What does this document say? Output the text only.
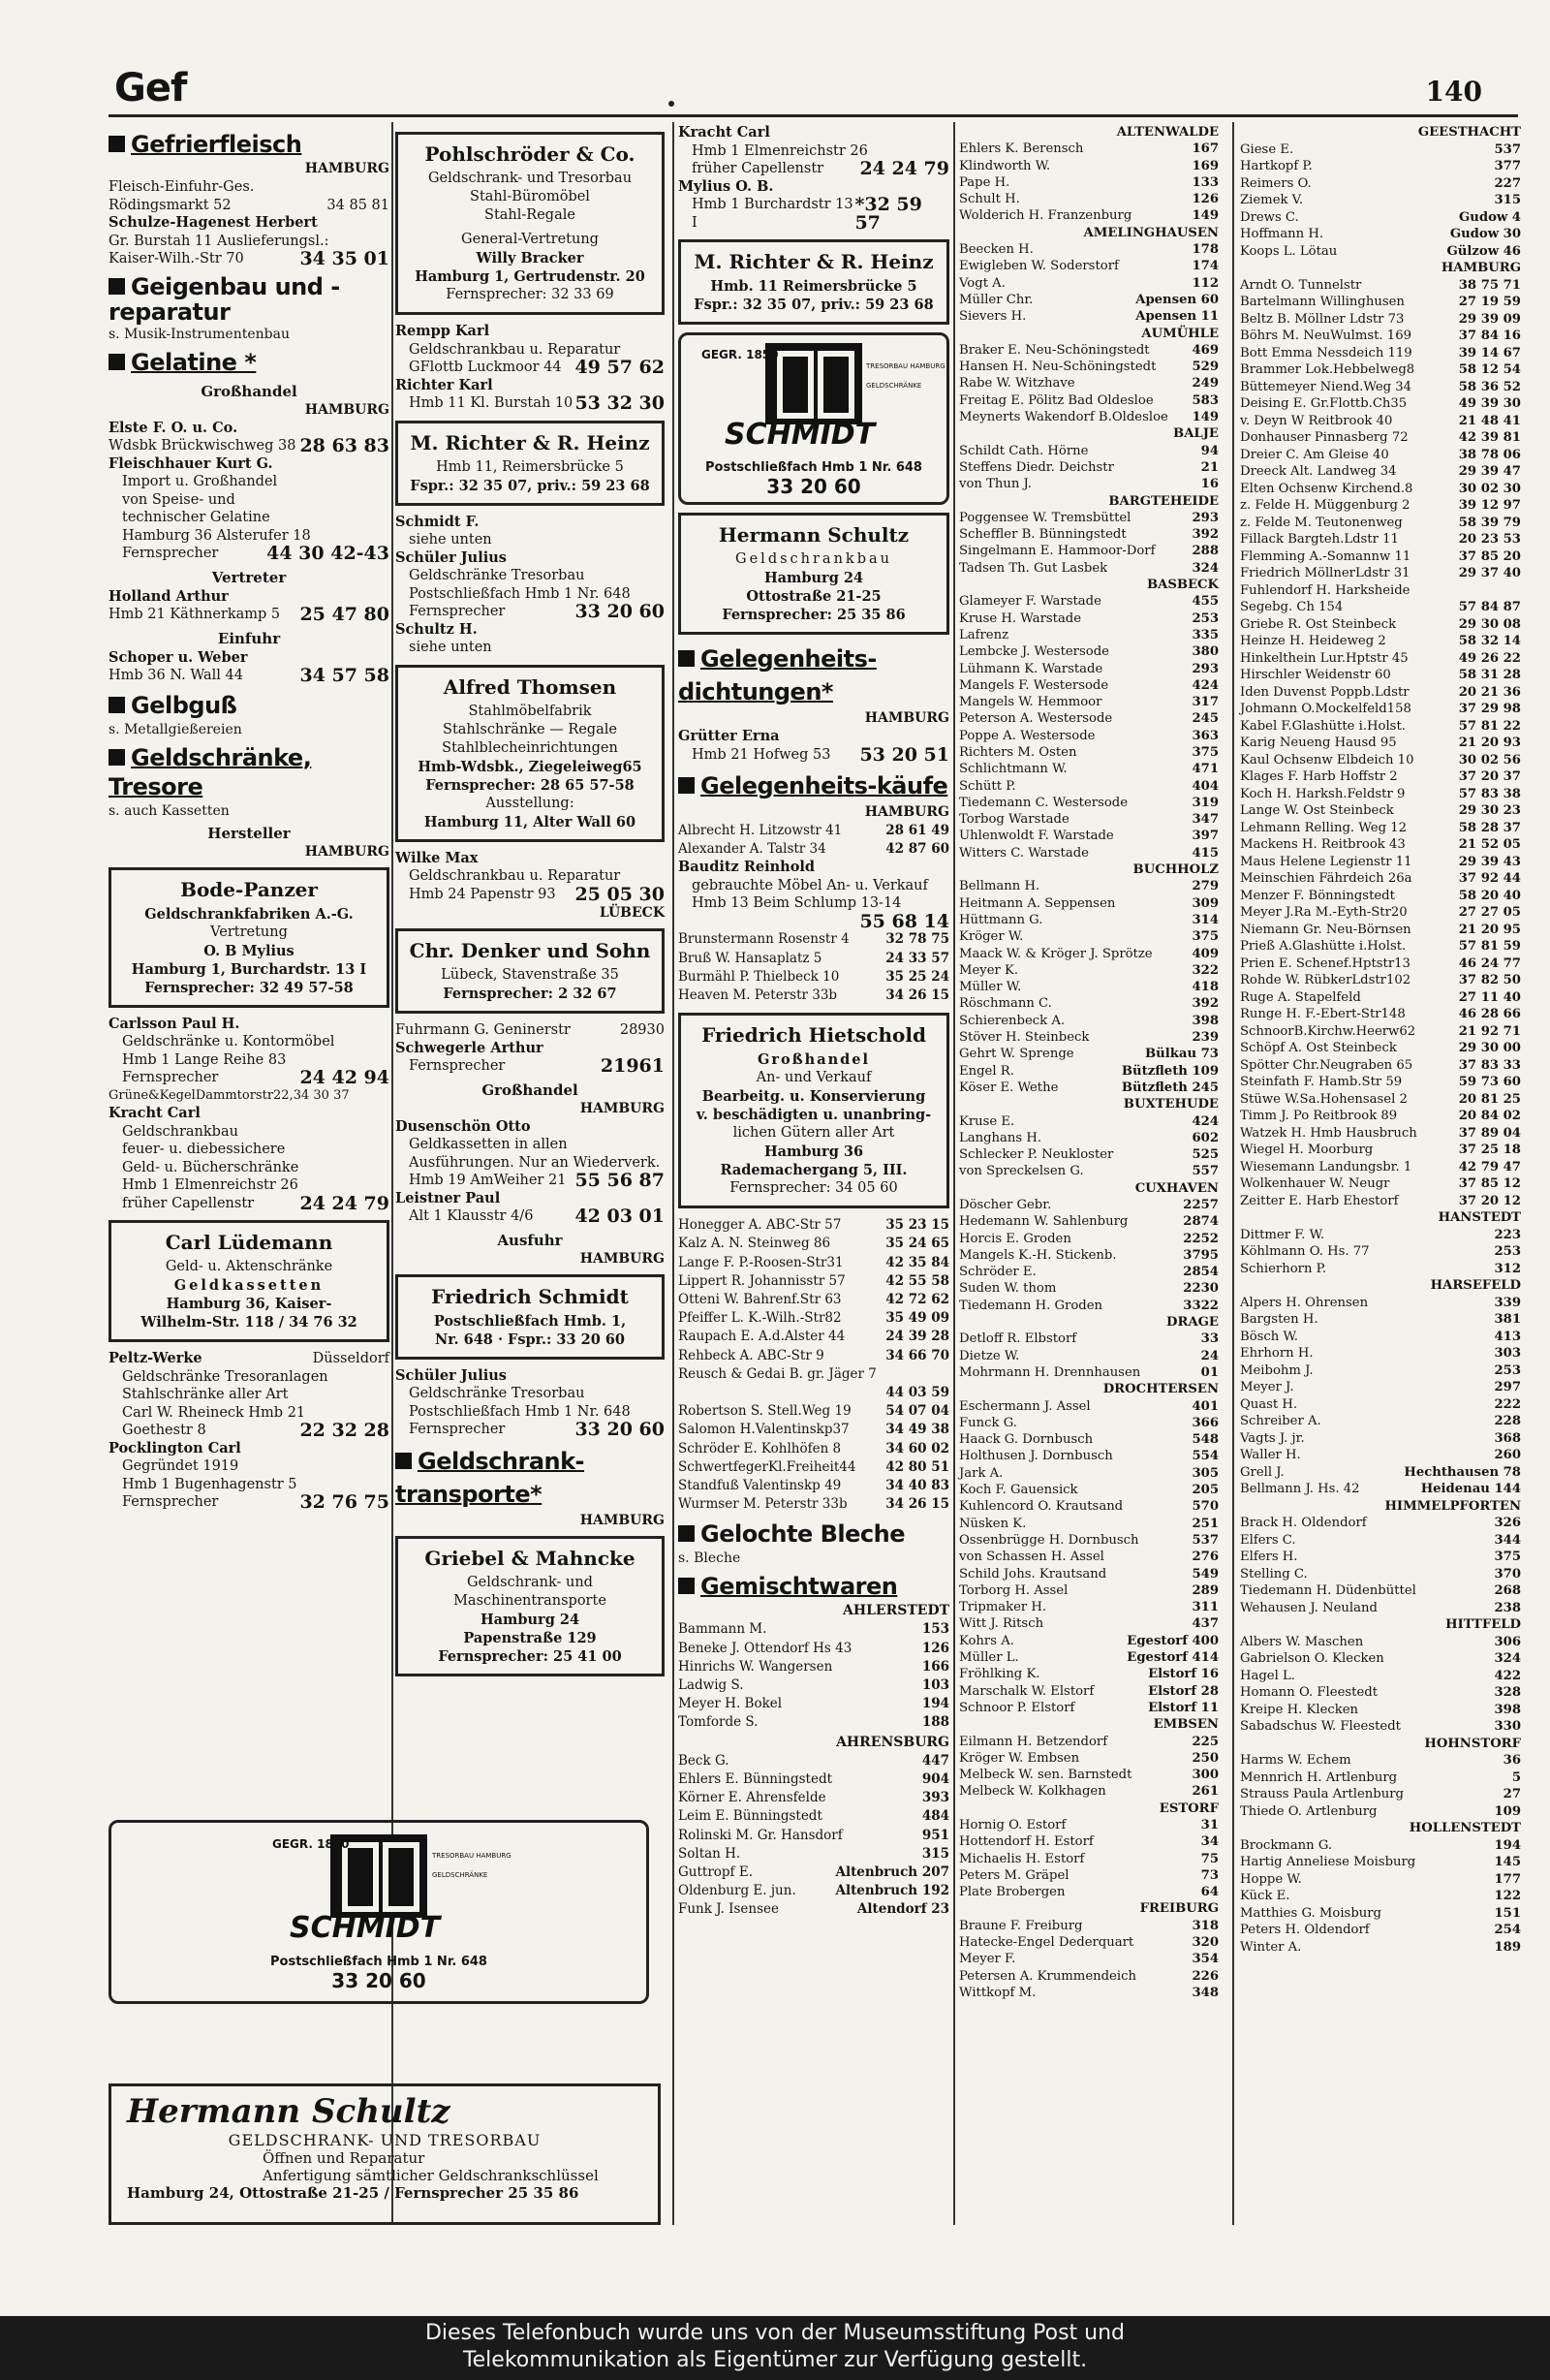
Gef	140
Gefrierfleisch
HAMBURG
Fleisch-Einfuhr-Ges.
Rödingsmarkt 52	34 85 81
Schulze-Hagenest Herbert
Gr. Burstah 11 Auslieferungsl.:
Kaiser-Wilh.-Str 70	34 35 01
Geigenbau und -reparatur
s. Musik-Instrumentenbau
Gelatine *
Großhandel
HAMBURG
Elste F. O. u. Co.
Wdsbk Brückwischweg 38 28 63 83
Fleischhauer Kurt G.
Import u. Großhandel
von Speise- und
technischer Gelatine
Hamburg 36 Alsterufer 18
Fernsprecher	44 30 42-43
Vertreter
Holland Arthur
Hmb 21 Käthnerkamp 5 25 47 80
Einfuhr
Schoper u. Weber
Hmb 36 N. Wall 44	34 57 58
Gelbguß
s. Metallgießereien
Geldschränke, Tresore
s. auch Kassetten
Hersteller
HAMBURG
Bode-Panzer
Geldschrankfabriken A.-G.
Vertretung
O. B Mylius
Hamburg 1, Burchardstr. 13 I
Fernsprecher: 32 49 57-58
Carlsson Paul H.
Geldschränke u. Kontormöbel
Hmb 1 Lange Reihe 83
Fernsprecher	24 42 94
Grüne&KegelDammtorstr22,34 30 37
Kracht Carl
Geldschrankbau
feuer- u. diebessichere
Geld- u. Bücherschränke
Hmb 1 Elmenreichstr 26
früher Capellenstr 24 24 79
Carl Lüdemann
Geld- u. Aktenschränke
Geldkassetten
Hamburg 36, Kaiser-
Wilhelm-Str. 118 / 34 76 32
Peltz-Werke	Düsseldorf
Geldschränke Tresoranlagen
Stahlschränke aller Art
Carl W. Rheineck Hmb 21
Goethestr 8	22 32 28
Pocklington Carl
Gegründet 1919
Hmb 1 Bugenhagenstr 5
Fernsprecher	32 76 75
GEGR. 1850
SCHMIDT
TRESORBAU HAMBURG
GELDSCHRÄNKE
Postschließfach Hmb 1 Nr. 648
33 20 60
Hermann Schultz
GELDSCHRANK- UND TRESORBAU
Öffnen und Reparatur
Anfertigung sämtlicher Geldschrankschlüssel
Hamburg 24, Ottostraße 21-25 / Fernsprecher 25 35 86
Pohlschröder & Co.
Geldschrank- und Tresorbau
Stahl-Büromöbel
Stahl-Regale
General-Vertretung
Willy Bracker
Hamburg 1, Gertrudenstr. 20
Fernsprecher: 32 33 69
Rempp Karl
Geldschrankbau u. Reparatur
GFlottb Luckmoor 44 49 57 62
Richter Karl
Hmb 11 Kl. Burstah 10 53 32 30
M. Richter & R. Heinz
Hmb 11, Reimersbrücke 5
Fspr.: 32 35 07, priv.: 59 23 68
Schmidt F.
siehe unten
Schüler Julius
Geldschränke Tresorbau
Postschließfach Hmb 1 Nr. 648
Fernsprecher	33 20 60
Schultz H.
siehe unten
Alfred Thomsen
Stahlmöbelfabrik
Stahlschränke — Regale
Stahlblecheinrichtungen
Hmb-Wdsbk., Ziegeleiweg65
Fernsprecher: 28 65 57-58
Ausstellung:
Hamburg 11, Alter Wall 60
Wilke Max
Geldschrankbau u. Reparatur
Hmb 24 Papenstr 93 25 05 30
LÜBECK
Chr. Denker und Sohn
Lübeck, Stavenstraße 35
Fernsprecher: 2 32 67
Fuhrmann G. Geninerstr	28930
Schwegerle Arthur
Fernsprecher	21961
Großhandel
HAMBURG
Dusenschön Otto
Geldkassetten in allen
Ausführungen. Nur an Wiederverk.
Hmb 19 AmWeiher 21 55 56 87
Leistner Paul
Alt 1 Klausstr 4/6 42 03 01
Ausfuhr
HAMBURG
Friedrich Schmidt
Postschließfach Hmb. 1,
Nr. 648 · Fspr.: 33 20 60
Schüler Julius
Geldschränke Tresorbau
Postschließfach Hmb 1 Nr. 648
Fernsprecher	33 20 60
Geldschrank-transporte*
HAMBURG
Griebel & Mahncke
Geldschrank- und
Maschinentransporte
Hamburg 24
Papenstraße 129
Fernsprecher: 25 41 00
Kracht Carl
Hmb 1 Elmenreichstr 26
früher Capellenstr 24 24 79
Mylius O. B.
Hmb 1 Burchardstr 13 I
*32 59 57
M. Richter & R. Heinz
Hmb. 11 Reimersbrücke 5
Fspr.: 32 35 07, priv.: 59 23 68
GEGR. 1850
SCHMIDT
TRESORBAU HAMBURG
GELDSCHRÄNKE
Postschließfach Hmb 1 Nr. 648
33 20 60
Hermann Schultz
Geldschrankbau
Hamburg 24
Ottostraße 21-25
Fernsprecher: 25 35 86
Gelegenheits-dichtungen*
HAMBURG
Grütter Erna
Hmb 21 Hofweg 53 53 20 51
Gelegenheits-käufe
HAMBURG
Albrecht H. Litzowstr 41	28 61 49
Alexander A. Talstr 34	42 87 60
Bauditz Reinhold
gebrauchte Möbel An- u. Verkauf
Hmb 13 Beim Schlump 13-14
55 68 14
Brunstermann Rosenstr 4	32 78 75
Bruß W. Hansaplatz 5	24 33 57
Burmähl P. Thielbeck 10	35 25 24
Heaven M. Peterstr 33b	34 26 15
Friedrich Hietschold
Großhandel
An- und Verkauf
Bearbeitg. u. Konservierung
v. beschädigten u. unanbring-
lichen Gütern aller Art
Hamburg 36
Rademachergang 5, III.
Fernsprecher: 34 05 60
Honegger A. ABC-Str 57	35 23 15
Kalz A. N. Steinweg 86	35 24 65
Lange F. P.-Roosen-Str31	42 35 84
Lippert R. Johannisstr 57	42 55 58
Otteni W. Bahrenf.Str 63	42 72 62
Pfeiffer L. K.-Wilh.-Str82	35 49 09
Raupach E. A.d.Alster 44	24 39 28
Rehbeck A. ABC-Str 9	34 66 70
Reusch & Gedai B. gr. Jäger 7
44 03 59
Robertson S. Stell.Weg 19	54 07 04
Salomon H.Valentinskp37	34 49 38
Schröder E. Kohlhöfen 8	34 60 02
SchwertfegerKl.Freiheit44 42 80 51
Standfuß Valentinskp 49	34 40 83
Wurmser M. Peterstr 33b	34 26 15
Gelochte Bleche
s. Bleche
Gemischtwaren
AHLERSTEDT
Bammann M.	153
Beneke J. Ottendorf Hs 43	126
Hinrichs W. Wangersen	166
Ladwig S.	103
Meyer H. Bokel	194
Tomforde S.	188
AHRENSBURG
Beck G.	447
Ehlers E. Bünningstedt	904
Körner E. Ahrensfelde	393
Leim E. Bünningstedt	484
Rolinski M. Gr. Hansdorf	951
Soltan H.	315
Guttropf E.	Altenbruch 207
Oldenburg E. jun.	Altenbruch 192
Funk J. Isensee	Altendorf 23
ALTENWALDE
Ehlers K. Berensch	167
Klindworth W.	169
Pape H.	133
Schult H.	126
Wolderich H. Franzenburg	149
AMELINGHAUSEN
Beecken H.	178
Ewigleben W. Soderstorf	174
Vogt A.	112
Müller Chr.	Apensen 60
Sievers H.	Apensen 11
AUMÜHLE
Braker E. Neu-Schöningstedt	469
Hansen H. Neu-Schöningstedt	529
Rabe W. Witzhave	249
Freitag E. Pölitz Bad Oldesloe	583
Meynerts Wakendorf B.Oldesloe 149
BALJE
Schildt Cath. Hörne	94
Steffens Diedr. Deichstr	21
von Thun J.	16
BARGTEHEIDE
Poggensee W. Tremsbüttel	293
Scheffler B. Bünningstedt	392
Singelmann E. Hammoor-Dorf	288
Tadsen Th. Gut Lasbek	324
BASBECK
Glameyer F. Warstade	455
Kruse H. Warstade	253
Lafrenz	335
Lembcke J. Westersode	380
Lühmann K. Warstade	293
Mangels F. Westersode	424
Mangels W. Hemmoor	317
Peterson A. Westersode	245
Poppe A. Westersode	363
Richters M. Osten	375
Schlichtmann W.	471
Schütt P.	404
Tiedemann C. Westersode	319
Torbog Warstade	347
Uhlenwoldt F. Warstade	397
Witters C. Warstade	415
BUCHHOLZ
Bellmann H.	279
Heitmann A. Seppensen	309
Hüttmann G.	314
Kröger W.	375
Maack W. & Kröger J. Sprötze	409
Meyer K.	322
Müller W.	418
Röschmann C.	392
Schierenbeck A.	398
Stöver H. Steinbeck	239
Gehrt W. Sprenge	Bülkau 73
Engel R.	Bützfleth 109
Köser E. Wethe	Bützfleth 245
BUXTEHUDE
Kruse E.	424
Langhans H.	602
Schlecker P. Neukloster	525
von Spreckelsen G.	557
CUXHAVEN
Döscher Gebr.	2257
Hedemann W. Sahlenburg	2874
Horcis E. Groden	2252
Mangels K.-H. Stickenb.	3795
Schröder E.	2854
Suden W. thom	2230
Tiedemann H. Groden	3322
DRAGE
Detloff R. Elbstorf	33
Dietze W.	24
Mohrmann H. Drennhausen	01
DROCHTERSEN
Eschermann J. Assel	401
Funck G.	366
Haack G. Dornbusch	548
Holthusen J. Dornbusch	554
Jark A.	305
Koch F. Gauensick	205
Kuhlencord O. Krautsand	570
Nüsken K.	251
Ossenbrügge H. Dornbusch	537
von Schassen H. Assel	276
Schild Johs. Krautsand	549
Torborg H. Assel	289
Tripmaker H.	311
Witt J. Ritsch	437
Kohrs A.	Egestorf 400
Müller L.	Egestorf 414
Fröhlking K.	Elstorf 16
Marschalk W. Elstorf	Elstorf 28
Schnoor P. Elstorf	Elstorf 11
EMBSEN
Eilmann H. Betzendorf	225
Kröger W. Embsen	250
Melbeck W. sen. Barnstedt	300
Melbeck W. Kolkhagen	261
ESTORF
Hornig O. Estorf	31
Hottendorf H. Estorf	34
Michaelis H. Estorf	75
Peters M. Gräpel	73
Plate Brobergen	64
FREIBURG
Braune F. Freiburg	318
Hatecke-Engel Dederquart	320
Meyer F.	354
Petersen A. Krummendeich	226
Wittkopf M.	348
GEESTHACHT
Giese E.	537
Hartkopf P.	377
Reimers O.	227
Ziemek V.	315
Drews C.	Gudow 4
Hoffmann H.	Gudow 30
Koops L. Lötau	Gülzow 46
HAMBURG
Arndt O. Tunnelstr	38 75 71
Bartelmann Willinghusen	27 19 59
Beltz B. Möllner Ldstr 73	29 39 09
Böhrs M. NeuWulmst. 169	37 84 16
Bott Emma Nessdeich 119	39 14 67
Brammer Lok.Hebbelweg8	58 12 54
Büttemeyer Niend.Weg 34	58 36 52
Deising E. Gr.Flottb.Ch35	49 39 30
v. Deyn W Reitbrook 40	21 48 41
Donhauser Pinnasberg 72	42 39 81
Dreier C. Am Gleise 40	38 78 06
Dreeck Alt. Landweg 34	29 39 47
Elten Ochsenw Kirchend.8	30 02 30
z. Felde H. Müggenburg 2	39 12 97
z. Felde M. Teutonenweg	58 39 79
Fillack Bargteh.Ldstr 11	20 23 53
Flemming A.-Somannw 11	37 85 20
Friedrich MöllnerLdstr 31	29 37 40
Fuhlendorf H. Harksheide
Segebg. Ch 154	57 84 87
Griebe R. Ost Steinbeck	29 30 08
Heinze H. Heideweg 2	58 32 14
Hinkelthein Lur.Hptstr 45	49 26 22
Hirschler Weidenstr 60	58 31 28
Iden Duvenst Poppb.Ldstr	20 21 36
Johmann O.Mockelfeld158	37 29 98
Kabel F.Glashütte i.Holst.	57 81 22
Karig Neueng Hausd 95	21 20 93
Kaul Ochsenw Elbdeich 10	30 02 56
Klages F. Harb Hoffstr 2	37 20 37
Koch H. Harksh.Feldstr 9	57 83 38
Lange W. Ost Steinbeck	29 30 23
Lehmann Relling. Weg 12	58 28 37
Mackens H. Reitbrook 43	21 52 05
Maus Helene Legienstr 11	29 39 43
Meinschien Fährdeich 26a	37 92 44
Menzer F. Bönningstedt	58 20 40
Meyer J.Ra M.-Eyth-Str20	27 27 05
Niemann Gr. Neu-Börnsen	21 20 95
Prieß A.Glashütte i.Holst.	57 81 59
Prien E. Schenef.Hptstr13	46 24 77
Rohde W. RübkerLdstr102	37 82 50
Ruge A. Stapelfeld	27 11 40
Runge H. F.-Ebert-Str148	46 28 66
SchnoorB.Kirchw.Heerw62	21 92 71
Schöpf A. Ost Steinbeck	29 30 00
Spötter Chr.Neugraben 65	37 83 33
Steinfath F. Hamb.Str 59	59 73 60
Stüwe W.Sa.Hohensasel 2	20 81 25
Timm J. Po Reitbrook 89	20 84 02
Watzek H. Hmb Hausbruch	37 89 04
Wiegel H. Moorburg	37 25 18
Wiesemann Landungsbr. 1	42 79 47
Wolkenhauer W. Neugr	37 85 12
Zeitter E. Harb Ehestorf	37 20 12
HANSTEDT
Dittmer F. W.	223
Köhlmann O. Hs. 77	253
Schierhorn P.	312
HARSEFELD
Alpers H. Ohrensen	339
Bargsten H.	381
Bösch W.	413
Ehrhorn H.	303
Meibohm J.	253
Meyer J.	297
Quast H.	222
Schreiber A.	228
Vagts J. jr.	368
Waller H.	260
Grell J.	Hechthausen 78
Bellmann J. Hs. 42	Heidenau 144
HIMMELPFORTEN
Brack H. Oldendorf	326
Elfers C.	344
Elfers H.	375
Stelling C.	370
Tiedemann H. Düdenbüttel	268
Wehausen J. Neuland	238
HITTFELD
Albers W. Maschen	306
Gabrielson O. Klecken	324
Hagel L.	422
Homann O. Fleestedt	328
Kreipe H. Klecken	398
Sabadschus W. Fleestedt	330
HOHNSTORF
Harms W. Echem	36
Mennrich H. Artlenburg	5
Strauss Paula Artlenburg	27
Thiede O. Artlenburg	109
HOLLENSTEDT
Brockmann G.	194
Hartig Anneliese Moisburg	145
Hoppe W.	177
Kück E.	122
Matthies G. Moisburg	151
Peters H. Oldendorf	254
Winter A.	189
Dieses Telefonbuch wurde uns von der Museumsstiftung Post und
Telekommunikation als Eigentümer zur Verfügung gestellt.
